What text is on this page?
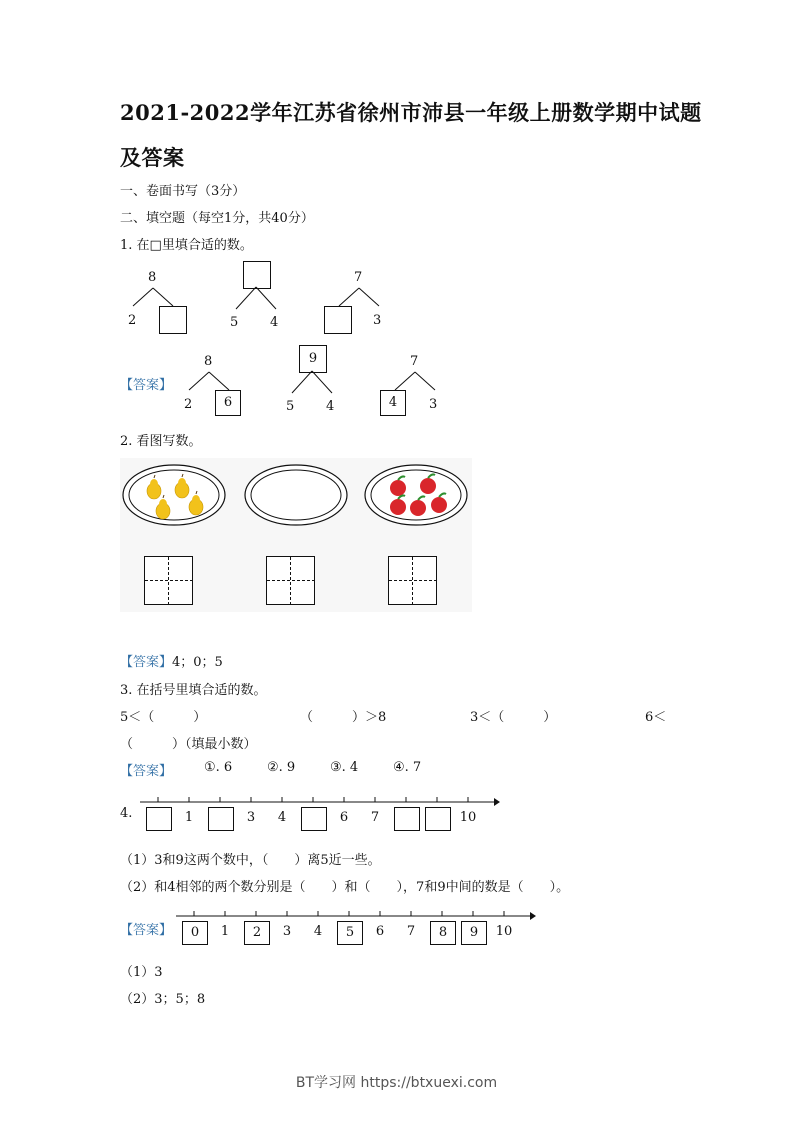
2021-2022学年江苏省徐州市沛县一年级上册数学期中试题
及答案
一、卷面书写（3分）
二、填空题（每空1分，共40分）
1. 在□里填合适的数。
8
2	5 4
7
3
【答案】
8
2	6
9
5 4
7
4	3
2. 看图写数。
【答案】4；0；5
3. 在括号里填合适的数。
5＜（　　　）	（　　　）＞8	3＜（　　　）	6＜
（　　　）（填最小数）
【答案】 ①. 6	②. 9	③. 4	④. 7
4.	1	3	4	6	7	10
（1）3和9这两个数中，（　　）离5近一些。
（2）和4相邻的两个数分别是（　　）和（　　），7和9中间的数是（　　）。
【答案】	0	1	2	3	4	5	6	7	8	9	10
（1）3
（2）3；5；8
BT学习网 https://btxuexi.com
